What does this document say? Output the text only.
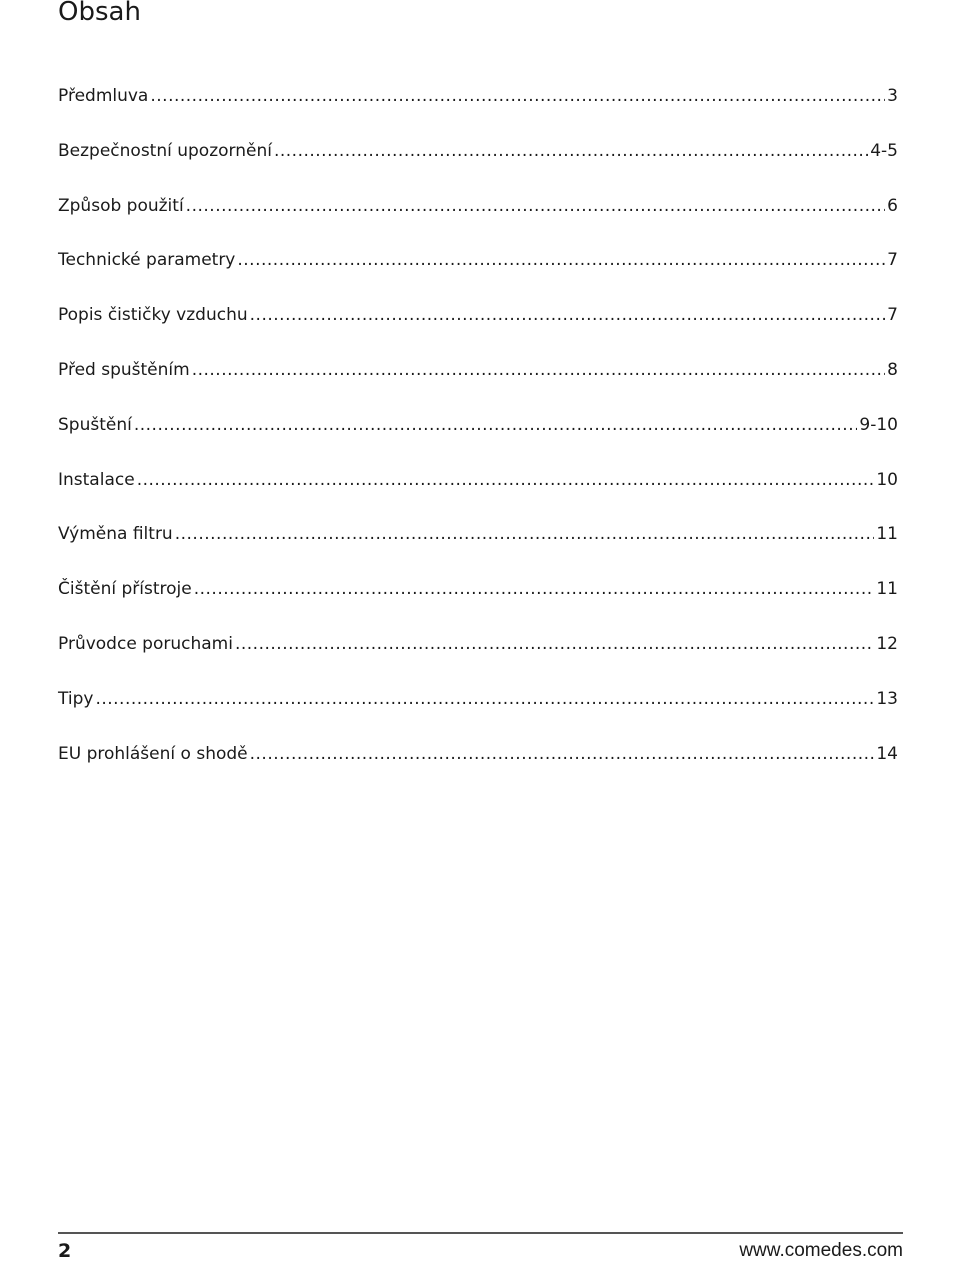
Obsah
Předmluva .....	3
Bezpečnostní upozornění .....	4-5
Způsob použití .....	6
Technické parametry .....	7
Popis čističky vzduchu .....	7
Před spuštěním .....	8
Spuštění .....	9-10
Instalace .....	10
Výměna filtru .....	11
Čištění přístroje .....	11
Průvodce poruchami .....	12
Tipy .....	13
EU prohlášení o shodě .....	14
2	www.comedes.com
